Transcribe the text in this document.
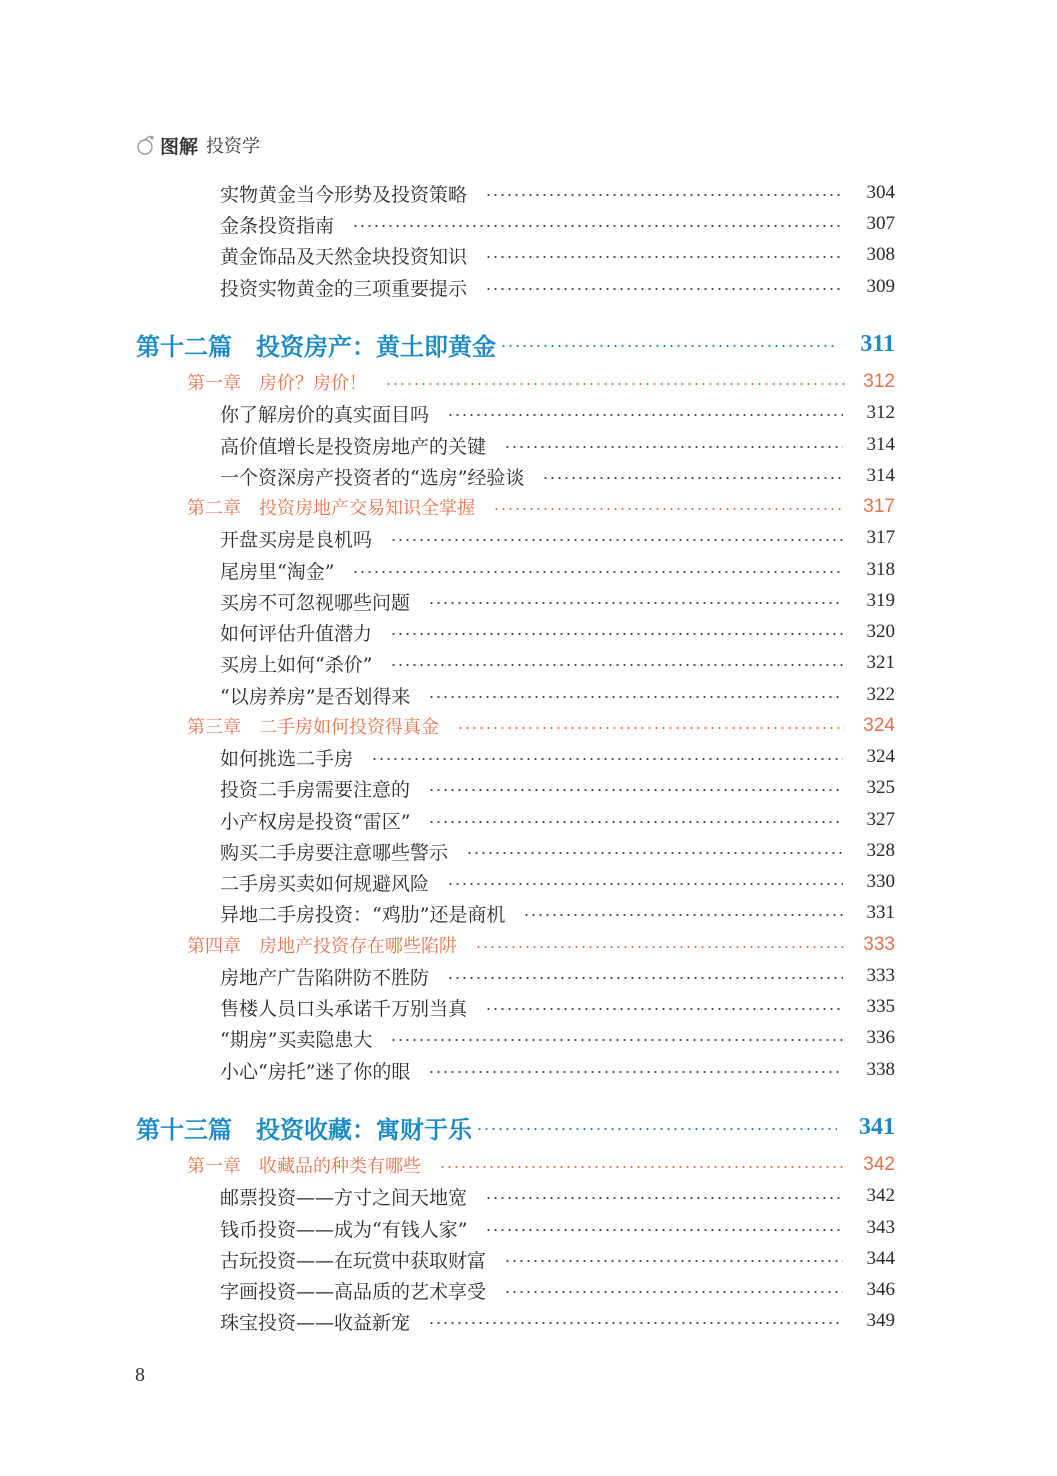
图解 投资学
实物黄金当今形势及投资策略	304
金条投资指南	307
黄金饰品及天然金块投资知识	308
投资实物黄金的三项重要提示	309
第十二篇　投资房产：黄土即黄金	311
第一章　房价？房价！	312
你了解房价的真实面目吗	312
高价值增长是投资房地产的关键	314
一个资深房产投资者的“选房”经验谈	314
第二章　投资房地产交易知识全掌握	317
开盘买房是良机吗	317
尾房里“淘金”	318
买房不可忽视哪些问题	319
如何评估升值潜力	320
买房上如何“杀价”	321
“以房养房”是否划得来	322
第三章　二手房如何投资得真金	324
如何挑选二手房	324
投资二手房需要注意的	325
小产权房是投资“雷区”	327
购买二手房要注意哪些警示	328
二手房买卖如何规避风险	330
异地二手房投资：“鸡肋”还是商机	331
第四章　房地产投资存在哪些陷阱	333
房地产广告陷阱防不胜防	333
售楼人员口头承诺千万别当真	335
“期房”买卖隐患大	336
小心“房托”迷了你的眼	338
第十三篇　投资收藏：寓财于乐	341
第一章　收藏品的种类有哪些	342
邮票投资——方寸之间天地宽	342
钱币投资——成为“有钱人家”	343
古玩投资——在玩赏中获取财富	344
字画投资——高品质的艺术享受	346
珠宝投资——收益新宠	349
8
